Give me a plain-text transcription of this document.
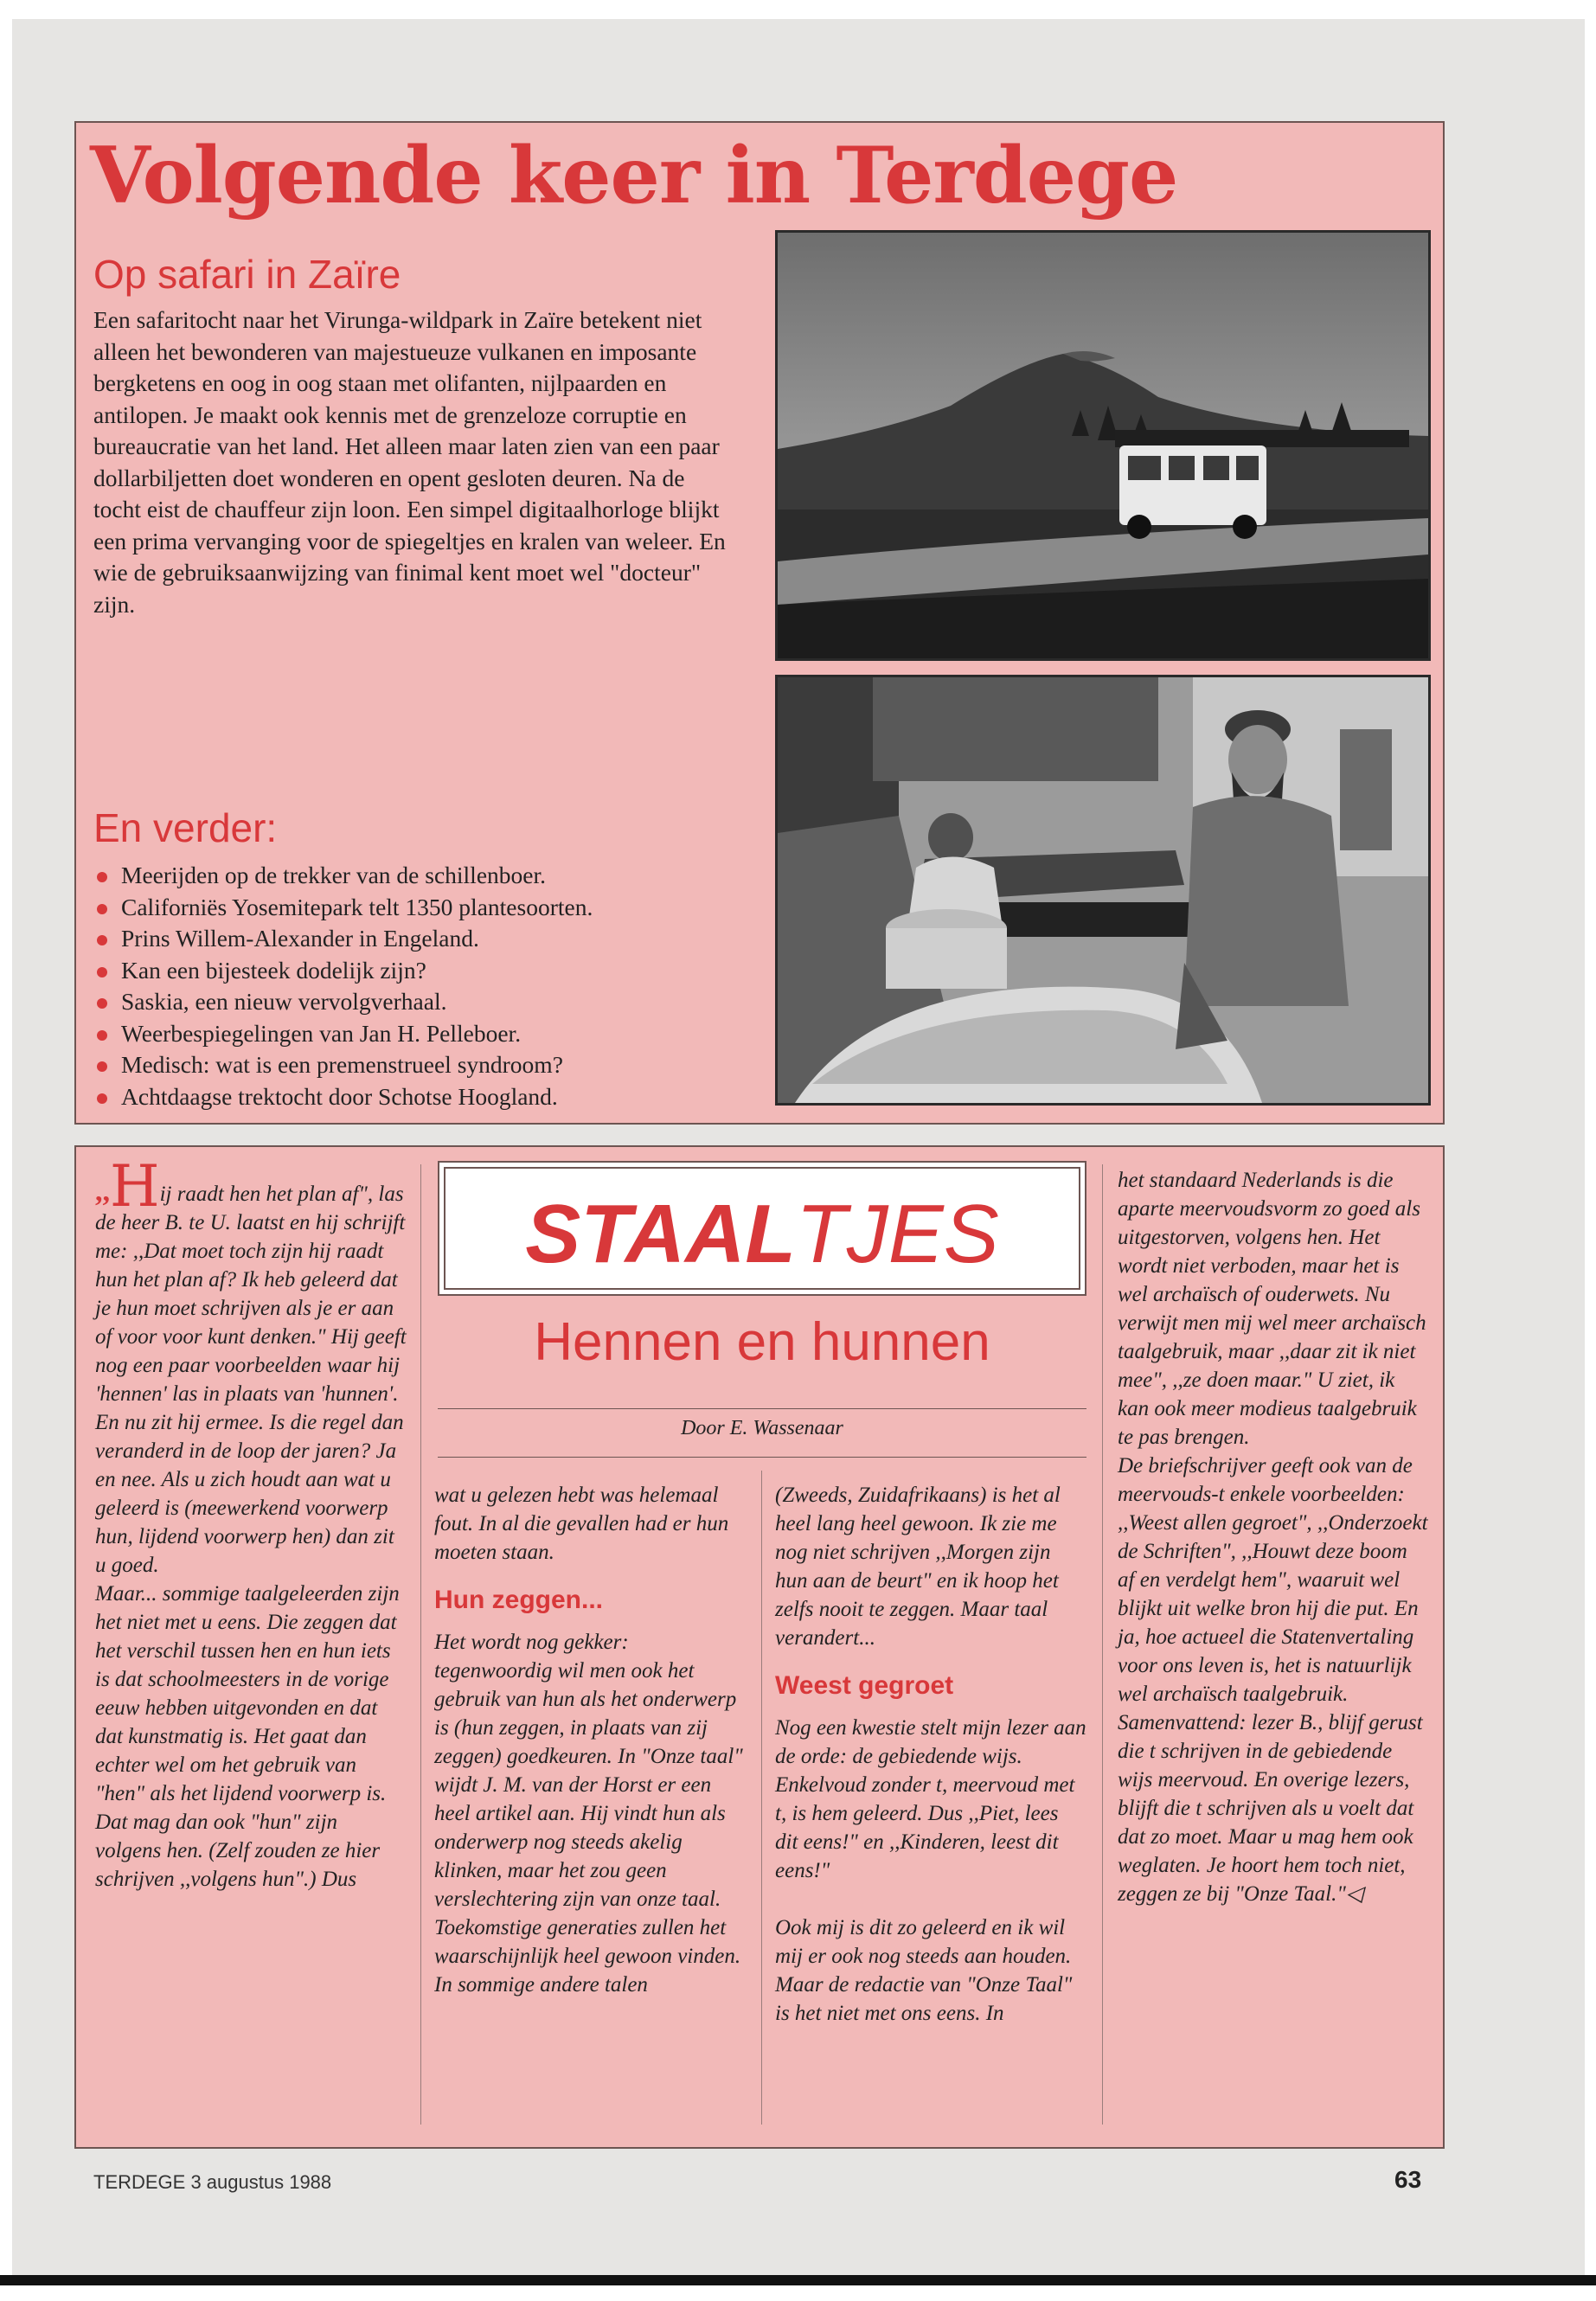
Volgende keer in Terdege
Op safari in Zaïre
Een safaritocht naar het Virunga-wildpark in Zaïre betekent niet alleen het bewonderen van majestueuze vulkanen en imposante bergketens en oog in oog staan met olifanten, nijlpaarden en antilopen. Je maakt ook kennis met de grenzeloze corruptie en bureaucratie van het land. Het alleen maar laten zien van een paar dollarbiljetten doet wonderen en opent gesloten deuren. Na de tocht eist de chauffeur zijn loon. Een simpel digitaalhorloge blijkt een prima vervanging voor de spiegeltjes en kralen van weleer. En wie de gebruiksaanwijzing van finimal kent moet wel "docteur" zijn.
En verder:
Meerijden op de trekker van de schillenboer.
Californiës Yosemitepark telt 1350 plantesoorten.
Prins Willem-Alexander in Engeland.
Kan een bijesteek dodelijk zijn?
Saskia, een nieuw vervolgverhaal.
Weerbespiegelingen van Jan H. Pelleboer.
Medisch: wat is een premenstrueel syndroom?
Achtdaagse trektocht door Schotse Hoogland.
STAALTJES
Hennen en hunnen
Door E. Wassenaar
,,Hij raadt hen het plan af", las de heer B. te U. laatst en hij schrijft me: ,,Dat moet toch zijn hij raadt hun het plan af? Ik heb geleerd dat je hun moet schrijven als je er aan of voor voor kunt denken." Hij geeft nog een paar voorbeelden waar hij 'hennen' las in plaats van 'hunnen'. En nu zit hij ermee. Is die regel dan veranderd in de loop der jaren? Ja en nee. Als u zich houdt aan wat u geleerd is (meewerkend voorwerp hun, lijdend voorwerp hen) dan zit u goed.
Maar... sommige taalgeleerden zijn het niet met u eens. Die zeggen dat het verschil tussen hen en hun iets is dat schoolmeesters in de vorige eeuw hebben uitgevonden en dat dat kunstmatig is. Het gaat dan echter wel om het gebruik van "hen" als het lijdend voorwerp is. Dat mag dan ook "hun" zijn volgens hen. (Zelf zouden ze hier schrijven ,,volgens hun".) Dus
wat u gelezen hebt was helemaal fout. In al die gevallen had er hun moeten staan.
Hun zeggen...
Het wordt nog gekker: tegenwoordig wil men ook het gebruik van hun als het onderwerp is (hun zeggen, in plaats van zij zeggen) goedkeuren. In "Onze taal" wijdt J. M. van der Horst er een heel artikel aan. Hij vindt hun als onderwerp nog steeds akelig klinken, maar het zou geen verslechtering zijn van onze taal. Toekomstige generaties zullen het waarschijnlijk heel gewoon vinden. In sommige andere talen
(Zweeds, Zuidafrikaans) is het al heel lang heel gewoon. Ik zie me nog niet schrijven ,,Morgen zijn hun aan de beurt" en ik hoop het zelfs nooit te zeggen. Maar taal verandert...
Weest gegroet
Nog een kwestie stelt mijn lezer aan de orde: de gebiedende wijs. Enkelvoud zonder t, meervoud met t, is hem geleerd. Dus ,,Piet, lees dit eens!" en ,,Kinderen, leest dit eens!"

Ook mij is dit zo geleerd en ik wil mij er ook nog steeds aan houden. Maar de redactie van "Onze Taal" is het niet met ons eens. In
het standaard Nederlands is die aparte meervoudsvorm zo goed als uitgestorven, volgens hen. Het wordt niet verboden, maar het is wel archaïsch of ouderwets. Nu verwijt men mij wel meer archaïsch taalgebruik, maar ,,daar zit ik niet mee", ,,ze doen maar." U ziet, ik kan ook meer modieus taalgebruik te pas brengen.
De briefschrijver geeft ook van de meervouds-t enkele voorbeelden: ,,Weest allen gegroet", ,,Onderzoekt de Schriften", ,,Houwt deze boom af en verdelgt hem", waaruit wel blijkt uit welke bron hij die put. En ja, hoe actueel die Statenvertaling voor ons leven is, het is natuurlijk wel archaïsch taalgebruik.
Samenvattend: lezer B., blijf gerust die t schrijven in de gebiedende wijs meervoud. En overige lezers, blijft die t schrijven als u voelt dat dat zo moet. Maar u mag hem ook weglaten. Je hoort hem toch niet, zeggen ze bij "Onze Taal."◁
TERDEGE 3 augustus 1988	63
